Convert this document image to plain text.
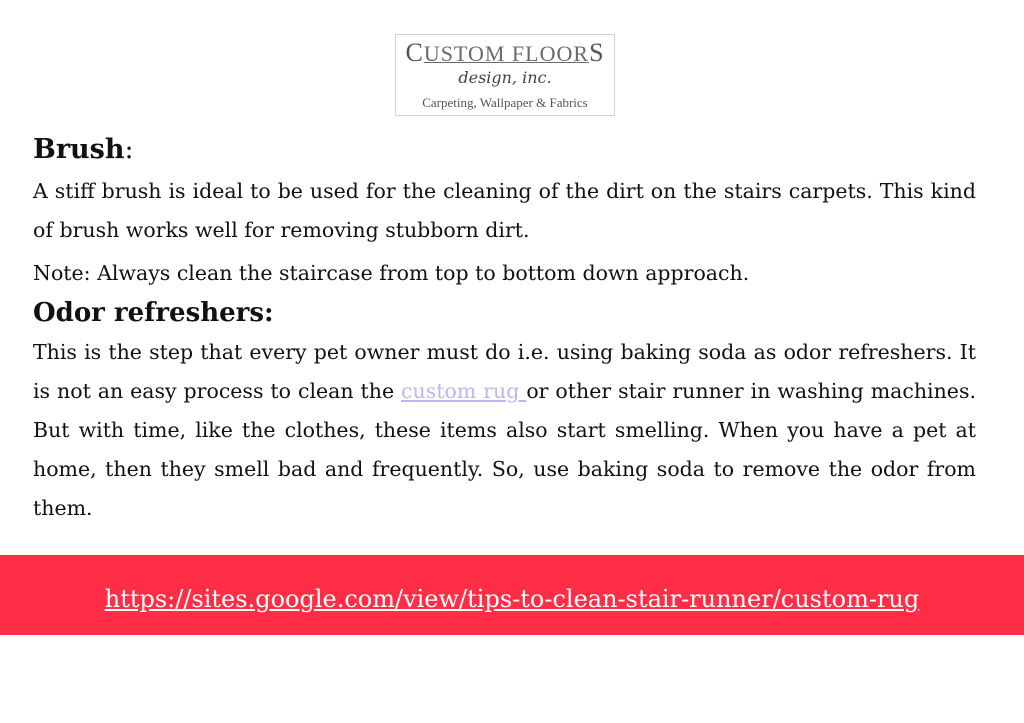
CUSTOM FLOORS
design, inc.
Carpeting, Wallpaper & Fabrics
Brush:

A stiff brush is ideal to be used for the cleaning of the dirt on the stairs carpets. This kind of brush works well for removing stubborn dirt.

Note: Always clean the staircase from top to bottom down approach.

Odor refreshers:

This is the step that every pet owner must do i.e. using baking soda as odor refreshers. It is not an easy process to clean the custom rug or other stair runner in washing machines. But with time, like the clothes, these items also start smelling. When you have a pet at home, then they smell bad and frequently. So, use baking soda to remove the odor from them.

https://sites.google.com/view/tips-to-clean-stair-runner/custom-rug
